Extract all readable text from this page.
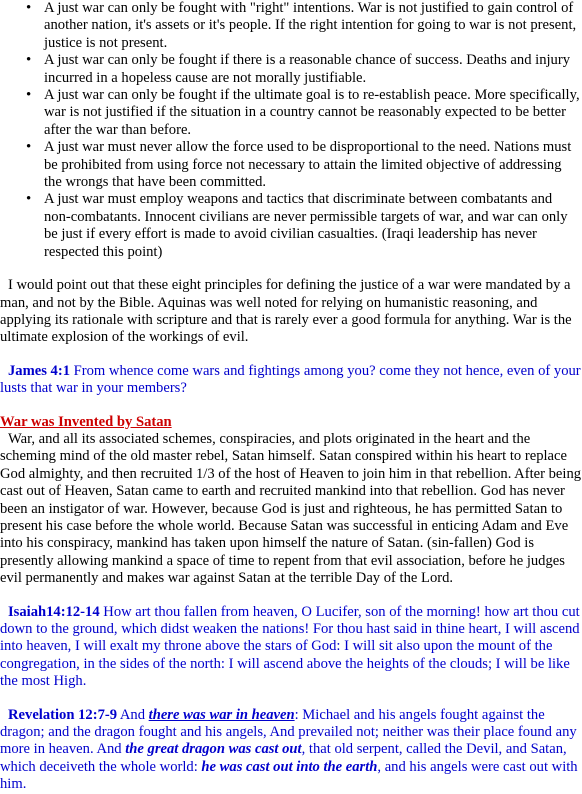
• A just war can only be fought with "right" intentions. War is not justified to gain control of another nation, it's assets or it's people. If the right intention for going to war is not present, justice is not present.
• A just war can only be fought if there is a reasonable chance of success. Deaths and injury incurred in a hopeless cause are not morally justifiable.
• A just war can only be fought if the ultimate goal is to re-establish peace. More specifically, war is not justified if the situation in a country cannot be reasonably expected to be better after the war than before.
• A just war must never allow the force used to be disproportional to the need. Nations must be prohibited from using force not necessary to attain the limited objective of addressing the wrongs that have been committed.
• A just war must employ weapons and tactics that discriminate between combatants and non-combatants. Innocent civilians are never permissible targets of war, and war can only be just if every effort is made to avoid civilian casualties. (Iraqi leadership has never respected this point)

I would point out that these eight principles for defining the justice of a war were mandated by a man, and not by the Bible. Aquinas was well noted for relying on humanistic reasoning, and applying its rationale with scripture and that is rarely ever a good formula for anything. War is the ultimate explosion of the workings of evil.

James 4:1 From whence come wars and fightings among you? come they not hence, even of your lusts that war in your members?

War was Invented by Satan

War, and all its associated schemes, conspiracies, and plots originated in the heart and the scheming mind of the old master rebel, Satan himself. Satan conspired within his heart to replace God almighty, and then recruited 1/3 of the host of Heaven to join him in that rebellion. After being cast out of Heaven, Satan came to earth and recruited mankind into that rebellion. God has never been an instigator of war. However, because God is just and righteous, he has permitted Satan to present his case before the whole world. Because Satan was successful in enticing Adam and Eve into his conspiracy, mankind has taken upon himself the nature of Satan. (sin-fallen) God is presently allowing mankind a space of time to repent from that evil association, before he judges evil permanently and makes war against Satan at the terrible Day of the Lord.

Isaiah14:12-14 How art thou fallen from heaven, O Lucifer, son of the morning! how art thou cut down to the ground, which didst weaken the nations! For thou hast said in thine heart, I will ascend into heaven, I will exalt my throne above the stars of God: I will sit also upon the mount of the congregation, in the sides of the north: I will ascend above the heights of the clouds; I will be like the most High.

Revelation 12:7-9 And there was war in heaven: Michael and his angels fought against the dragon; and the dragon fought and his angels, And prevailed not; neither was their place found any more in heaven. And the great dragon was cast out, that old serpent, called the Devil, and Satan, which deceiveth the whole world: he was cast out into the earth, and his angels were cast out with him.
